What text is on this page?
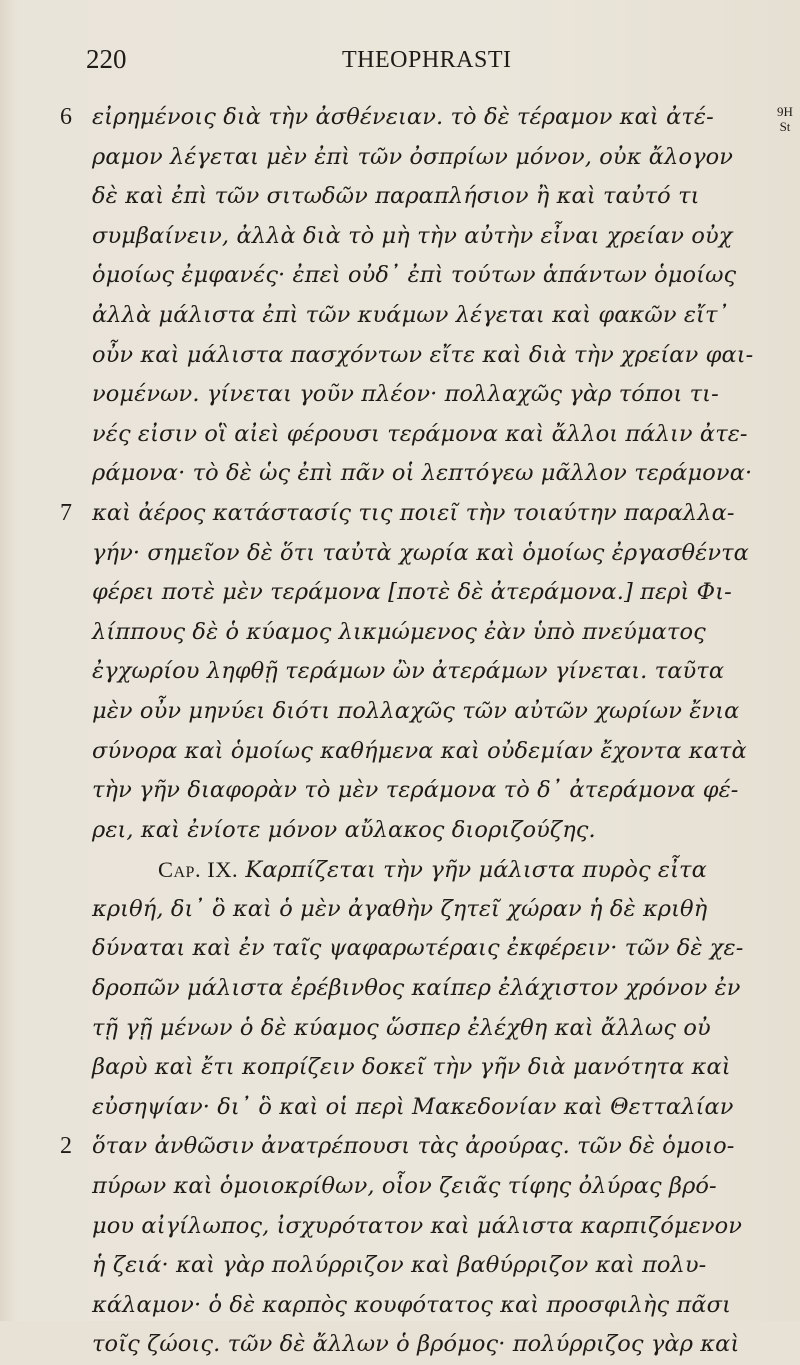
220	THEOPHRASTI
9H
St
6 εἰρημένοις διὰ τὴν ἀσθένειαν. τὸ δὲ τέραμον καὶ ἀτέ-
ραμον λέγεται μὲν ἐπὶ τῶν ὀσπρίων μόνον, οὐκ ἄλογον
δὲ καὶ ἐπὶ τῶν σιτωδῶν παραπλήσιον ἢ καὶ ταὐτό τι
συμβαίνειν, ἀλλὰ διὰ τὸ μὴ τὴν αὐτὴν εἶναι χρείαν οὐχ
ὁμοίως ἐμφανές· ἐπεὶ οὐδ᾽ ἐπὶ τούτων ἁπάντων ὁμοίως
ἀλλὰ μάλιστα ἐπὶ τῶν κυάμων λέγεται καὶ φακῶν εἴτ᾽
οὖν καὶ μάλιστα πασχόντων εἴτε καὶ διὰ τὴν χρείαν φαι-
νομένων. γίνεται γοῦν πλέον· πολλαχῶς γὰρ τόποι τι-
νές εἰσιν οἳ αἰεὶ φέρουσι τεράμονα καὶ ἄλλοι πάλιν ἀτε-
ράμονα· τὸ δὲ ὡς ἐπὶ πᾶν οἱ λεπτόγεω μᾶλλον τεράμονα·
7 καὶ ἀέρος κατάστασίς τις ποιεῖ τὴν τοιαύτην παραλλα-
γήν· σημεῖον δὲ ὅτι ταὐτὰ χωρία καὶ ὁμοίως ἐργασθέντα
φέρει ποτὲ μὲν τεράμονα [ποτὲ δὲ ἀτεράμονα.] περὶ Φι-
λίππους δὲ ὁ κύαμος λικμώμενος ἐὰν ὑπὸ πνεύματος
ἐγχωρίου ληφθῇ τεράμων ὢν ἀτεράμων γίνεται. ταῦτα
μὲν οὖν μηνύει διότι πολλαχῶς τῶν αὐτῶν χωρίων ἔνια
σύνορα καὶ ὁμοίως καθήμενα καὶ οὐδεμίαν ἔχοντα κατὰ
τὴν γῆν διαφορὰν τὸ μὲν τεράμονα τὸ δ᾽ ἀτεράμονα φέ-
ρει, καὶ ἐνίοτε μόνον αὔλακος διοριζούζης.
Cap. IX. Καρπίζεται τὴν γῆν μάλιστα πυρὸς εἶτα
κριθή, δι᾽ ὃ καὶ ὁ μὲν ἀγαθὴν ζητεῖ χώραν ἡ δὲ κριθὴ
δύναται καὶ ἐν ταῖς ψαφαρωτέραις ἐκφέρειν· τῶν δὲ χε-
δροπῶν μάλιστα ἐρέβινθος καίπερ ἐλάχιστον χρόνον ἐν
τῇ γῇ μένων ὁ δὲ κύαμος ὥσπερ ἐλέχθη καὶ ἄλλως οὐ
βαρὺ καὶ ἔτι κοπρίζειν δοκεῖ τὴν γῆν διὰ μανότητα καὶ
εὐσηψίαν· δι᾽ ὃ καὶ οἱ περὶ Μακεδονίαν καὶ Θετταλίαν
2 ὅταν ἀνθῶσιν ἀνατρέπουσι τὰς ἀρούρας. τῶν δὲ ὁμοιο-
πύρων καὶ ὁμοιοκρίθων, οἷον ζειᾶς τίφης ὀλύρας βρό-
μου αἰγίλωπος, ἰσχυρότατον καὶ μάλιστα καρπιζόμενον
ἡ ζειά· καὶ γὰρ πολύρριζον καὶ βαθύρριζον καὶ πολυ-
κάλαμον· ὁ δὲ καρπὸς κουφότατος καὶ προσφιλὴς πᾶσι
τοῖς ζώοις. τῶν δὲ ἄλλων ὁ βρόμος· πολύρριζος γὰρ καὶ
